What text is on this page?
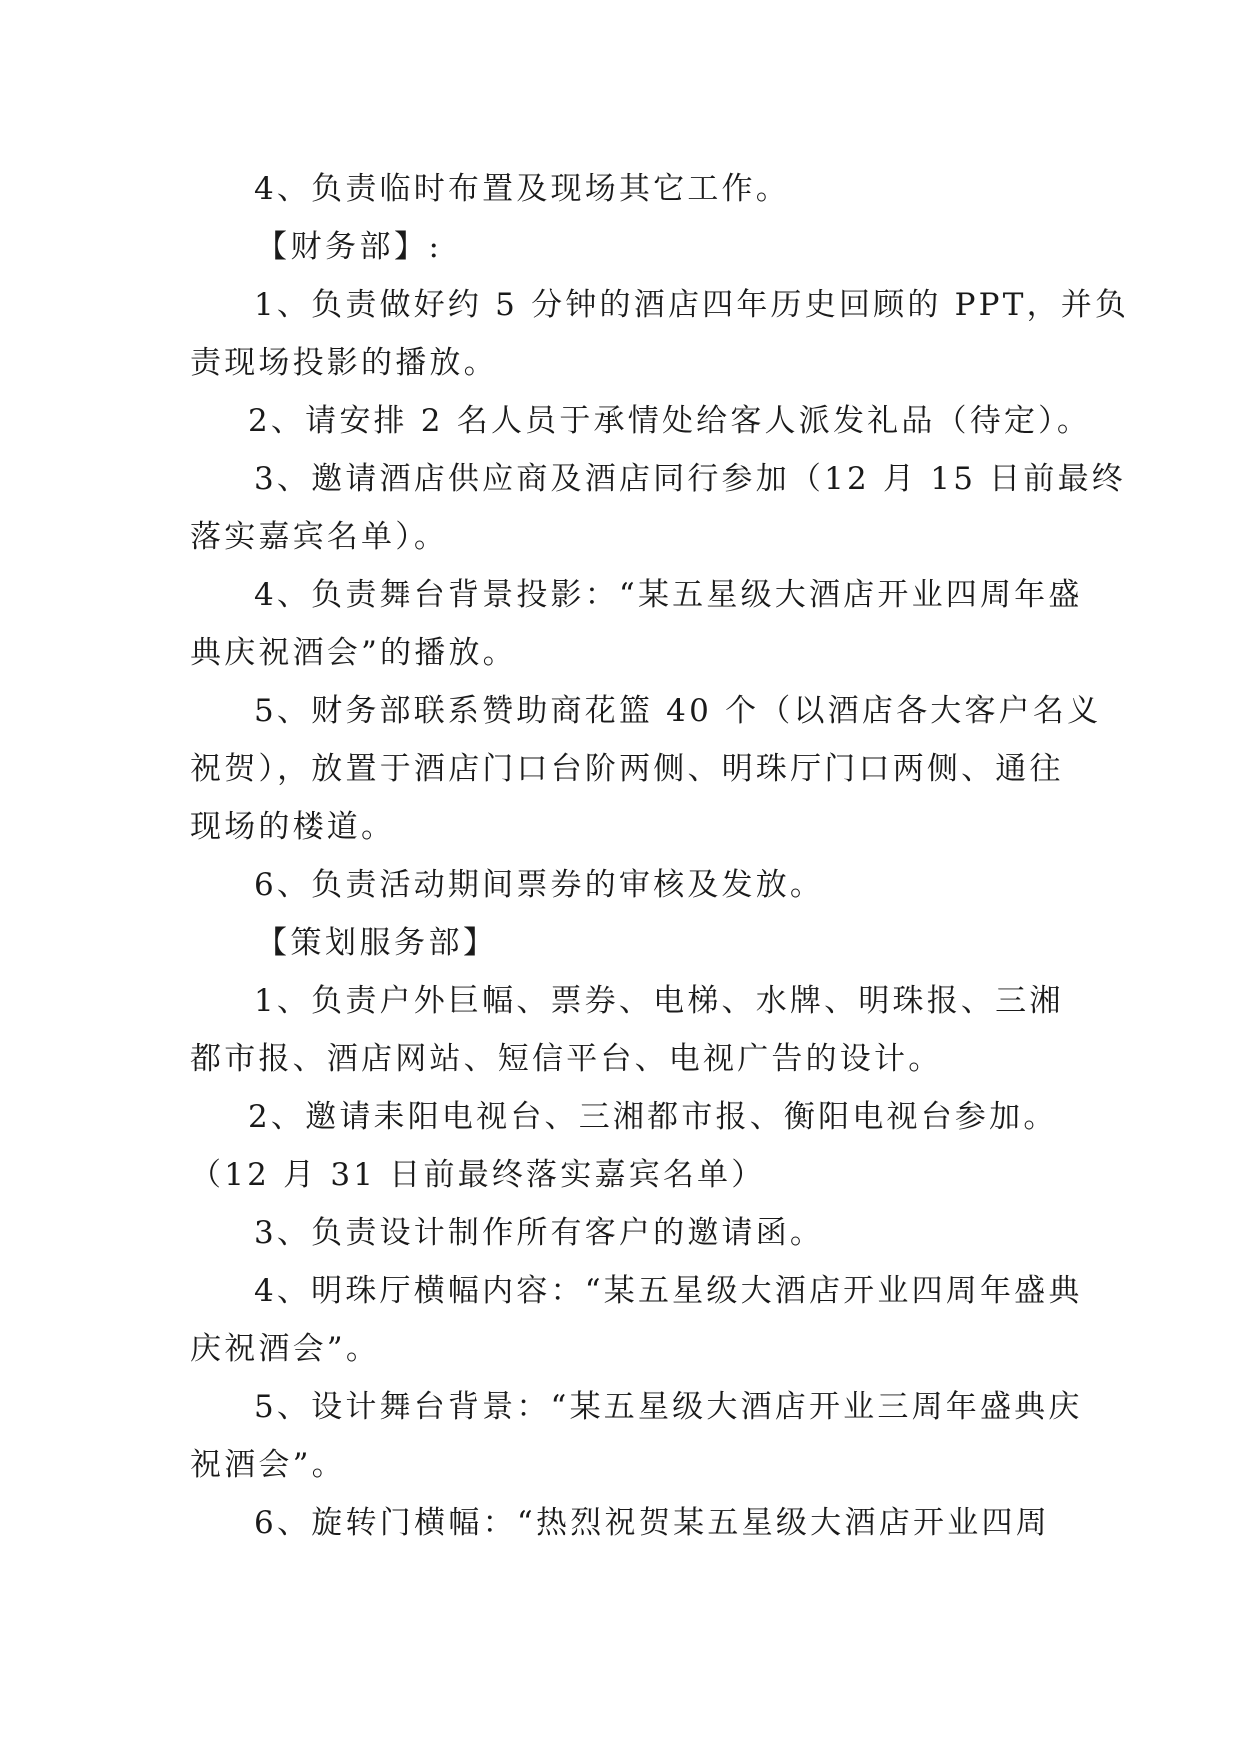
4、负责临时布置及现场其它工作。

【财务部】:

1、负责做好约 5 分钟的酒店四年历史回顾的 PPT，并负

责现场投影的播放。

2、请安排 2 名人员于承情处给客人派发礼品（待定）。

3、邀请酒店供应商及酒店同行参加（12 月 15 日前最终

落实嘉宾名单）。

4、负责舞台背景投影：“某五星级大酒店开业四周年盛

典庆祝酒会”的播放。

5、财务部联系赞助商花篮 40 个（以酒店各大客户名义

祝贺），放置于酒店门口台阶两侧、明珠厅门口两侧、通往

现场的楼道。

6、负责活动期间票券的审核及发放。

【策划服务部】

1、负责户外巨幅、票券、电梯、水牌、明珠报、三湘

都市报、酒店网站、短信平台、电视广告的设计。

2、邀请耒阳电视台、三湘都市报、衡阳电视台参加。

（12 月 31 日前最终落实嘉宾名单）

3、负责设计制作所有客户的邀请函。

4、明珠厅横幅内容：“某五星级大酒店开业四周年盛典

庆祝酒会”。

5、设计舞台背景：“某五星级大酒店开业三周年盛典庆

祝酒会”。

6、旋转门横幅：“热烈祝贺某五星级大酒店开业四周
